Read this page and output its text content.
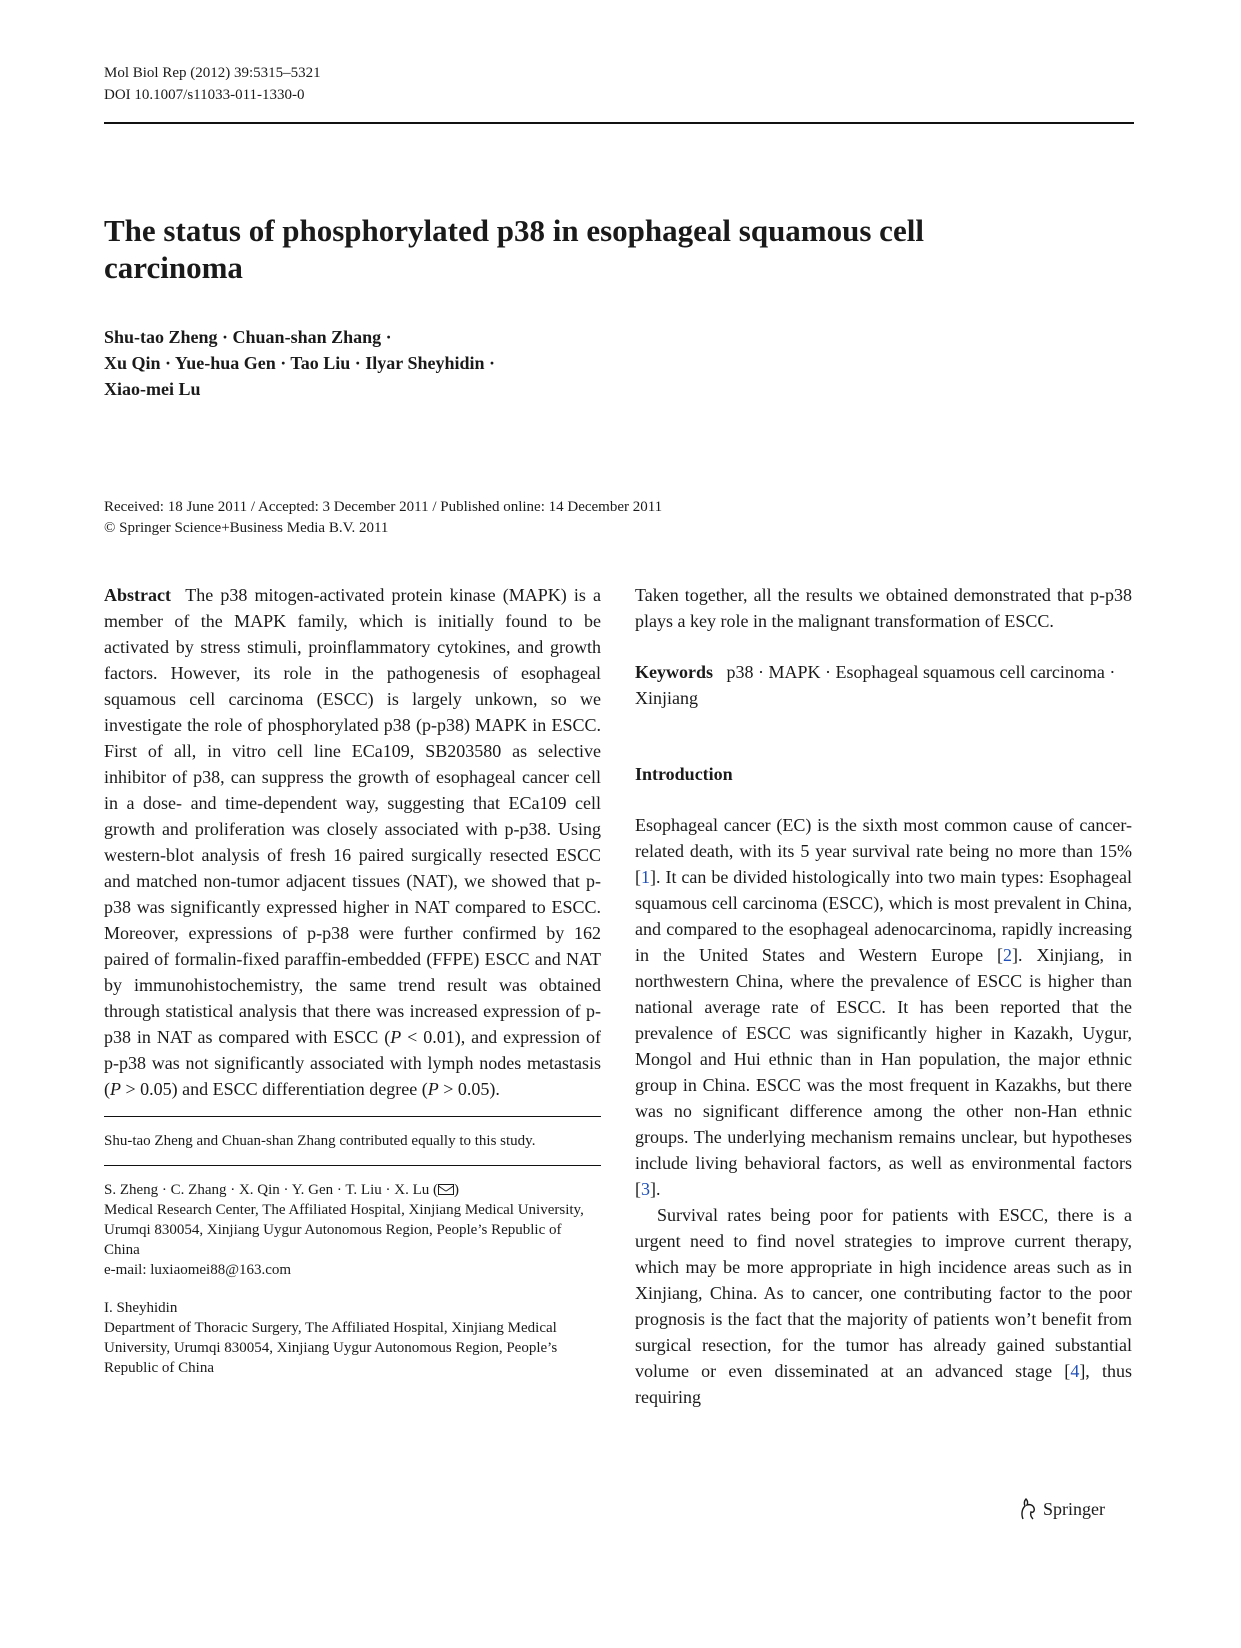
Mol Biol Rep (2012) 39:5315–5321
DOI 10.1007/s11033-011-1330-0
The status of phosphorylated p38 in esophageal squamous cell carcinoma
Shu-tao Zheng · Chuan-shan Zhang ·
Xu Qin · Yue-hua Gen · Tao Liu · Ilyar Sheyhidin ·
Xiao-mei Lu
Received: 18 June 2011 / Accepted: 3 December 2011 / Published online: 14 December 2011
© Springer Science+Business Media B.V. 2011

Abstract The p38 mitogen-activated protein kinase (MAPK) is a member of the MAPK family, which is initially found to be activated by stress stimuli, proinflammatory cytokines, and growth factors. However, its role in the pathogenesis of esophageal squamous cell carcinoma (ESCC) is largely unkown, so we investigate the role of phosphorylated p38 (p-p38) MAPK in ESCC. First of all, in vitro cell line ECa109, SB203580 as selective inhibitor of p38, can suppress the growth of esophageal cancer cell in a dose- and time-dependent way, suggesting that ECa109 cell growth and proliferation was closely associated with p-p38. Using western-blot analysis of fresh 16 paired surgically resected ESCC and matched non-tumor adjacent tissues (NAT), we showed that p-p38 was significantly expressed higher in NAT compared to ESCC. Moreover, expressions of p-p38 were further confirmed by 162 paired of formalin-fixed paraffin-embedded (FFPE) ESCC and NAT by immunohistochemistry, the same trend result was obtained through statistical analysis that there was increased expression of p-p38 in NAT as compared with ESCC (P < 0.01), and expression of p-p38 was not significantly associated with lymph nodes metastasis (P > 0.05) and ESCC differentiation degree (P > 0.05).

Shu-tao Zheng and Chuan-shan Zhang contributed equally to this study.

S. Zheng · C. Zhang · X. Qin · Y. Gen · T. Liu · X. Lu ( )
Medical Research Center, The Affiliated Hospital, Xinjiang Medical University, Urumqi 830054, Xinjiang Uygur Autonomous Region, People’s Republic of China
e-mail: luxiaomei88@163.com

I. Sheyhidin
Department of Thoracic Surgery, The Affiliated Hospital, Xinjiang Medical University, Urumqi 830054, Xinjiang Uygur Autonomous Region, People’s Republic of China

Taken together, all the results we obtained demonstrated that p-p38 plays a key role in the malignant transformation of ESCC.

Keywords p38 · MAPK · Esophageal squamous cell carcinoma · Xinjiang

Introduction

Esophageal cancer (EC) is the sixth most common cause of cancer-related death, with its 5 year survival rate being no more than 15% [1]. It can be divided histologically into two main types: Esophageal squamous cell carcinoma (ESCC), which is most prevalent in China, and compared to the esophageal adenocarcinoma, rapidly increasing in the United States and Western Europe [2]. Xinjiang, in northwestern China, where the prevalence of ESCC is higher than national average rate of ESCC. It has been reported that the prevalence of ESCC was significantly higher in Kazakh, Uygur, Mongol and Hui ethnic than in Han population, the major ethnic group in China. ESCC was the most frequent in Kazakhs, but there was no significant difference among the other non-Han ethnic groups. The underlying mechanism remains unclear, but hypotheses include living behavioral factors, as well as environmental factors [3].

Survival rates being poor for patients with ESCC, there is a urgent need to find novel strategies to improve current therapy, which may be more appropriate in high incidence areas such as in Xinjiang, China. As to cancer, one contributing factor to the poor prognosis is the fact that the majority of patients won’t benefit from surgical resection, for the tumor has already gained substantial volume or even disseminated at an advanced stage [4], thus requiring

Springer
